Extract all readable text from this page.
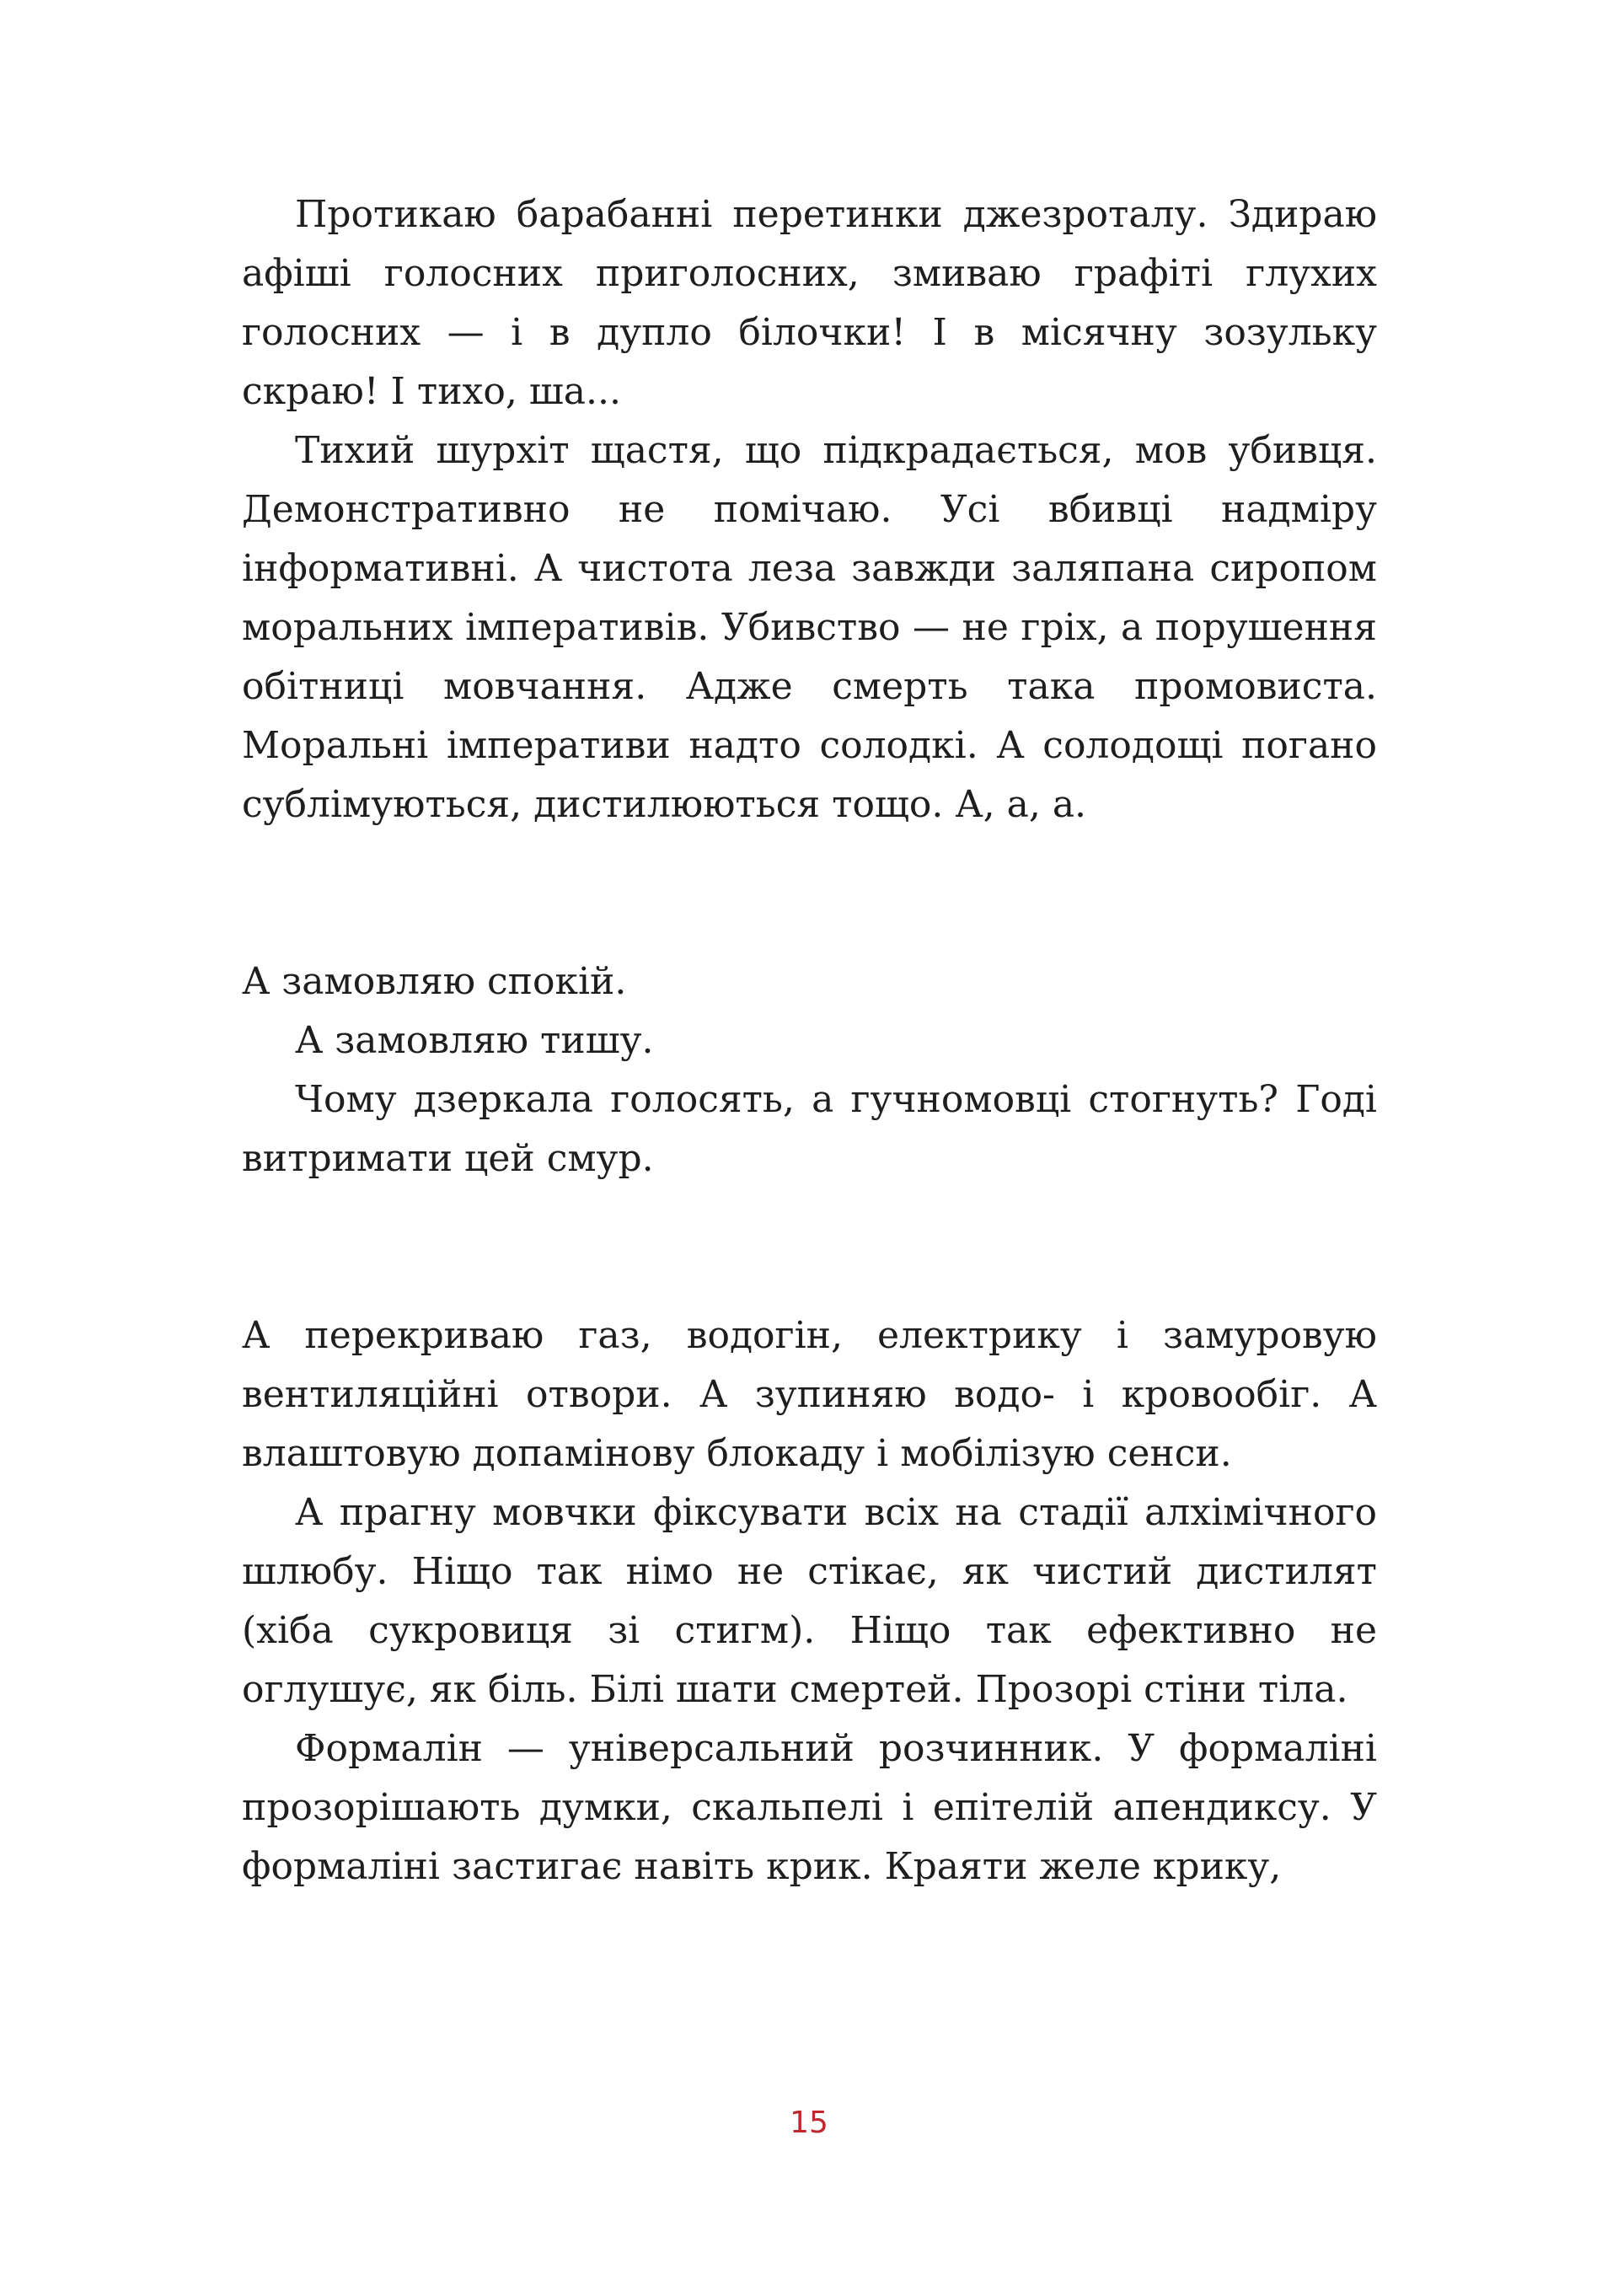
Протикаю барабанні перетинки джезроталу. Здираю афіші голосних приголосних, змиваю графіті глухих голосних — і в дупло білочки! І в місячну зозульку скраю! І тихо, ша...

Тихий шурхіт щастя, що підкрадається, мов убивця. Демонстративно не помічаю. Усі вбивці надміру інформативні. А чистота леза завжди заляпана сиропом моральних імперативів. Убивство — не гріх, а порушення обітниці мовчання. Адже смерть така промовиста. Моральні імперативи надто солодкі. А солодощі погано сублімуються, дистилюються тощо. А, а, а.

А замовляю спокій.

А замовляю тишу.

Чому дзеркала голосять, а гучномовці стогнуть? Годі витримати цей смур.

А перекриваю газ, водогін, електрику і замуровую вентиляційні отвори. А зупиняю водо- і кровообіг. А влаштовую допамінову блокаду і мобілізую сенси.

А прагну мовчки фіксувати всіх на стадії алхімічного шлюбу. Ніщо так німо не стікає, як чистий дистилят (хіба сукровиця зі стигм). Ніщо так ефективно не оглушує, як біль. Білі шати смертей. Прозорі стіни тіла.

Формалін — універсальний розчинник. У формаліні прозорішають думки, скальпелі і епітелій апендиксу. У формаліні застигає навіть крик. Краяти желе крику,

15
